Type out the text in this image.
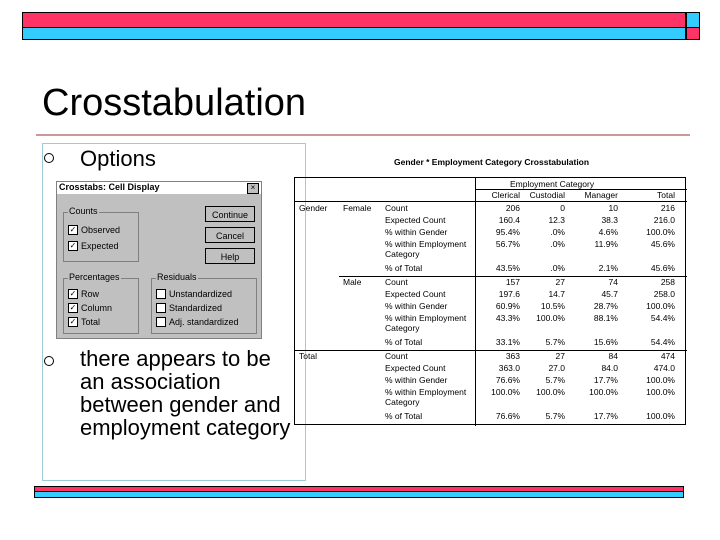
Crosstabulation
Options
there appears to be an association between gender and employment category
Crosstabs: Cell Display	×
Counts
✓ Observed
✓ Expected
Percentages
✓ Row
✓ Column
✓ Total
Residuals
Unstandardized
Standardized
Adj. standardized
Continue
Cancel
Help
Gender * Employment Category Crosstabulation
Employment Category
Clerical	Custodial	Manager	Total
Gender Female Count	206	0	10	216
Expected Count	160.4	12.3	38.3	216.0
% within Gender	95.4%	.0%	4.6%	100.0%
% within Employment Category
56.7%	.0%	11.9%	45.6%
% of Total	43.5%	.0%	2.1%	45.6%
Male	Count	157	27	74	258
Expected Count	197.6	14.7	45.7	258.0
% within Gender	60.9%	10.5%	28.7%	100.0%
% within Employment Category
43.3%	100.0%	88.1%	54.4%
% of Total	33.1%	5.7%	15.6%	54.4%
Total	Count	363	27	84	474
Expected Count	363.0	27.0	84.0	474.0
% within Gender	76.6%	5.7%	17.7%	100.0%
% within Employment Category
100.0%	100.0%	100.0%	100.0%
% of Total	76.6%	5.7%	17.7%	100.0%
